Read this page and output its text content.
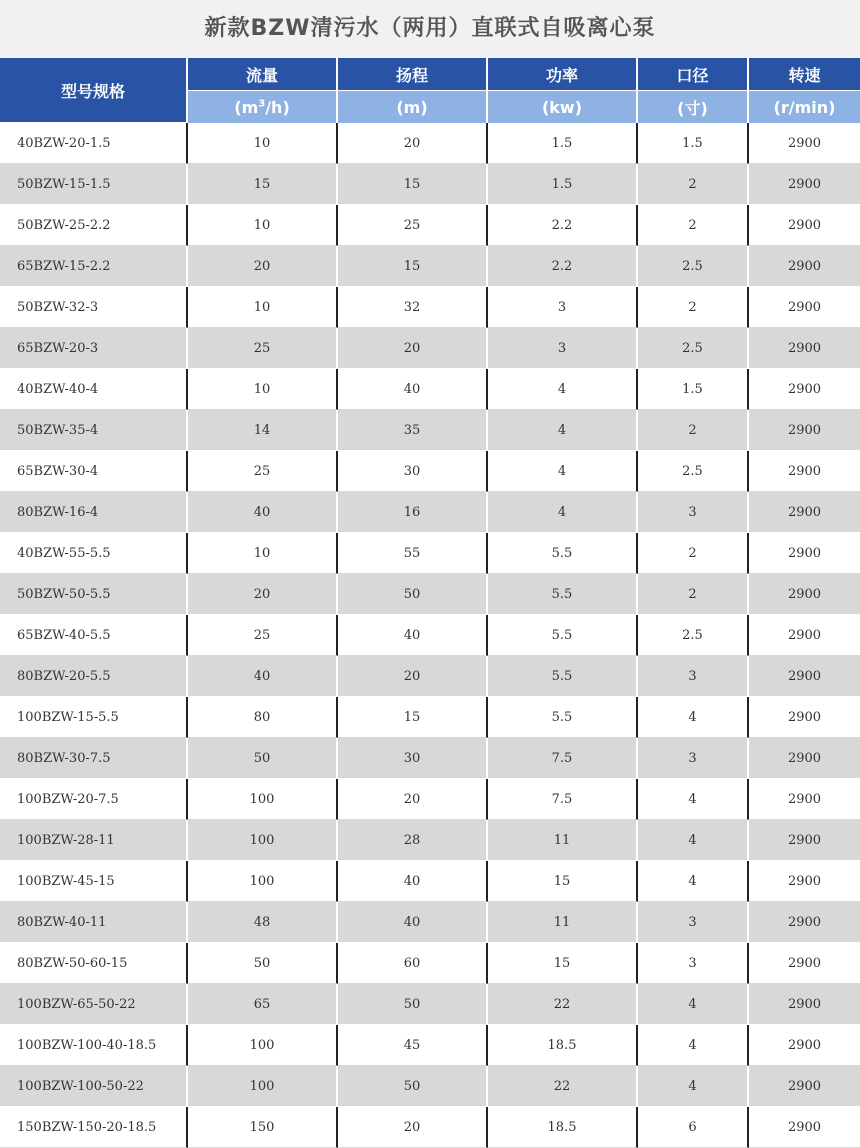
新款BZW清污水（两用）直联式自吸离心泵
型号规格	流量	扬程	功率	口径	转速
	$(m^3/h)$	(m)	(kw)	(寸)	(r/min)
40BZW-20-1.5	10	20	1.5	1.5	2900
50BZW-15-1.5	15	15	1.5	2	2900
50BZW-25-2.2	10	25	2.2	2	2900
65BZW-15-2.2	20	15	2.2	2.5	2900
50BZW-32-3	10	32	3	2	2900
65BZW-20-3	25	20	3	2.5	2900
40BZW-40-4	10	40	4	1.5	2900
50BZW-35-4	14	35	4	2	2900
65BZW-30-4	25	30	4	2.5	2900
80BZW-16-4	40	16	4	3	2900
40BZW-55-5.5	10	55	5.5	2	2900
50BZW-50-5.5	20	50	5.5	2	2900
65BZW-40-5.5	25	40	5.5	2.5	2900
80BZW-20-5.5	40	20	5.5	3	2900
100BZW-15-5.5	80	15	5.5	4	2900
80BZW-30-7.5	50	30	7.5	3	2900
100BZW-20-7.5	100	20	7.5	4	2900
100BZW-28-11	100	28	11	4	2900
100BZW-45-15	100	40	15	4	2900
80BZW-40-11	48	40	11	3	2900
80BZW-50-60-15	50	60	15	3	2900
100BZW-65-50-22	65	50	22	4	2900
100BZW-100-40-18.5	100	45	18.5	4	2900
100BZW-100-50-22	100	50	22	4	2900
150BZW-150-20-18.5	150	20	18.5	6	2900
